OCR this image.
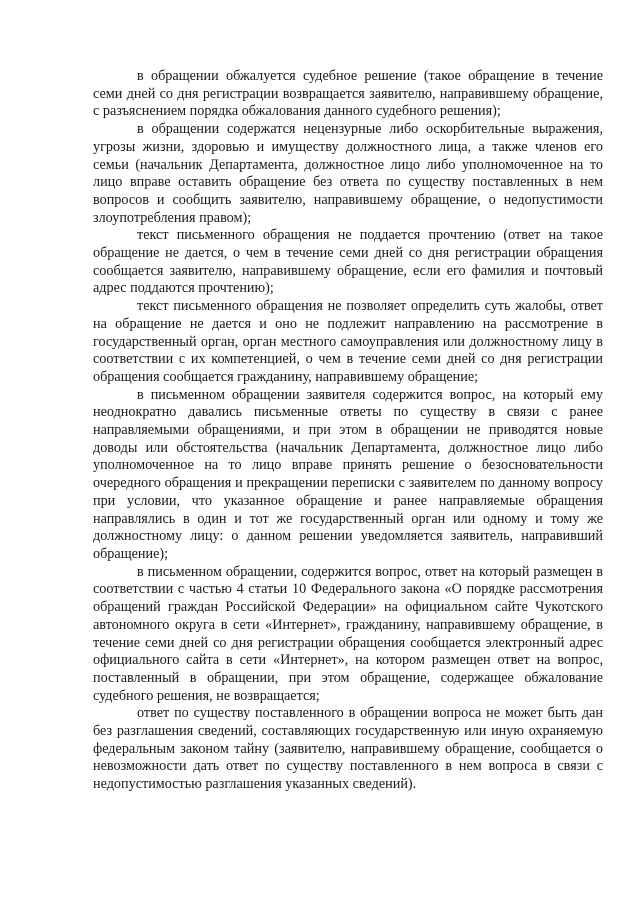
в обращении обжалуется судебное решение (такое обращение в течение семи дней со дня регистрации возвращается заявителю, направившему обращение, с разъяснением порядка обжалования данного судебного решения);

в обращении содержатся нецензурные либо оскорбительные выражения, угрозы жизни, здоровью и имуществу должностного лица, а также членов его семьи (начальник Департамента, должностное лицо либо уполномоченное на то лицо вправе оставить обращение без ответа по существу поставленных в нем вопросов и сообщить заявителю, направившему обращение, о недопустимости злоупотребления правом);

текст письменного обращения не поддается прочтению (ответ на такое обращение не дается, о чем в течение семи дней со дня регистрации обращения сообщается заявителю, направившему обращение, если его фамилия и почтовый адрес поддаются прочтению);

текст письменного обращения не позволяет определить суть жалобы, ответ на обращение не дается и оно не подлежит направлению на рассмотрение в государственный орган, орган местного самоуправления или должностному лицу в соответствии с их компетенцией, о чем в течение семи дней со дня регистрации обращения сообщается гражданину, направившему обращение;

в письменном обращении заявителя содержится вопрос, на который ему неоднократно давались письменные ответы по существу в связи с ранее направляемыми обращениями, и при этом в обращении не приводятся новые доводы или обстоятельства (начальник Департамента, должностное лицо либо уполномоченное на то лицо вправе принять решение о безосновательности очередного обращения и прекращении переписки с заявителем по данному вопросу при условии, что указанное обращение и ранее направляемые обращения направлялись в один и тот же государственный орган или одному и тому же должностному лицу: о данном решении уведомляется заявитель, направивший обращение);

в письменном обращении, содержится вопрос, ответ на который размещен в соответствии с частью 4 статьи 10 Федерального закона «О порядке рассмотрения обращений граждан Российской Федерации» на официальном сайте Чукотского автономного округа в сети «Интернет», гражданину, направившему обращение, в течение семи дней со дня регистрации обращения сообщается электронный адрес официального сайта в сети «Интернет», на котором размещен ответ на вопрос, поставленный в обращении, при этом обращение, содержащее обжалование судебного решения, не возвращается;

ответ по существу поставленного в обращении вопроса не может быть дан без разглашения сведений, составляющих государственную или иную охраняемую федеральным законом тайну (заявителю, направившему обращение, сообщается о невозможности дать ответ по существу поставленного в нем вопроса в связи с недопустимостью разглашения указанных сведений).
